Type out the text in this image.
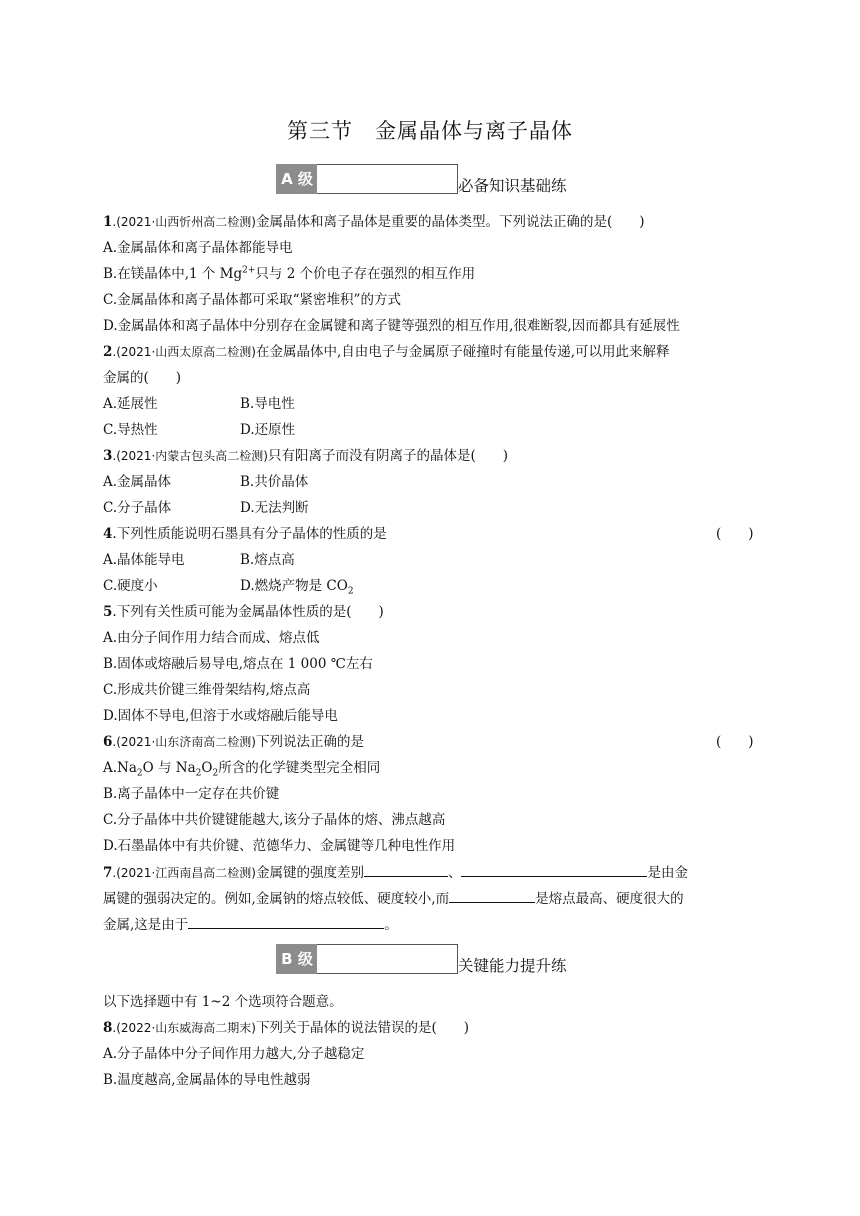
第三节　金属晶体与离子晶体
A 级	必备知识基础练
1.(2021·山西忻州高二检测)金属晶体和离子晶体是重要的晶体类型。下列说法正确的是(　　)
A.金属晶体和离子晶体都能导电
B.在镁晶体中,1 个 $Mg^{2+}$只与 2 个价电子存在强烈的相互作用
C.金属晶体和离子晶体都可采取“紧密堆积”的方式
D.金属晶体和离子晶体中分别存在金属键和离子键等强烈的相互作用,很难断裂,因而都具有延展性
2.(2021·山西太原高二检测)在金属晶体中,自由电子与金属原子碰撞时有能量传递,可以用此来解释
金属的(　　)
A.延展性	B.导电性
C.导热性	D.还原性
3.(2021·内蒙古包头高二检测)只有阳离子而没有阴离子的晶体是(　　)
A.金属晶体	B.共价晶体
C.分子晶体	D.无法判断
4.下列性质能说明石墨具有分子晶体的性质的是	(　　)
A.晶体能导电	B.熔点高
C.硬度小	D.燃烧产物是 $CO_2$
5.下列有关性质可能为金属晶体性质的是(　　)
A.由分子间作用力结合而成、熔点低
B.固体或熔融后易导电,熔点在 1 000 ℃左右
C.形成共价键三维骨架结构,熔点高
D.固体不导电,但溶于水或熔融后能导电
6.(2021·山东济南高二检测)下列说法正确的是	(　　)
$A.Na_2O$ 与 $Na_2O_2$所含的化学键类型完全相同
B.离子晶体中一定存在共价键
C.分子晶体中共价键键能越大,该分子晶体的熔、沸点越高
D.石墨晶体中有共价键、范德华力、金属键等几种电性作用
7.(2021·江西南昌高二检测)金属键的强度差别	、	是由金
属键的强弱决定的。例如,金属钠的熔点较低、硬度较小,而	是熔点最高、硬度很大的
金属,这是由于	。
B 级	关键能力提升练
以下选择题中有 1~2 个选项符合题意。
8.(2022·山东威海高二期末)下列关于晶体的说法错误的是(　　)
A.分子晶体中分子间作用力越大,分子越稳定
B.温度越高,金属晶体的导电性越弱
